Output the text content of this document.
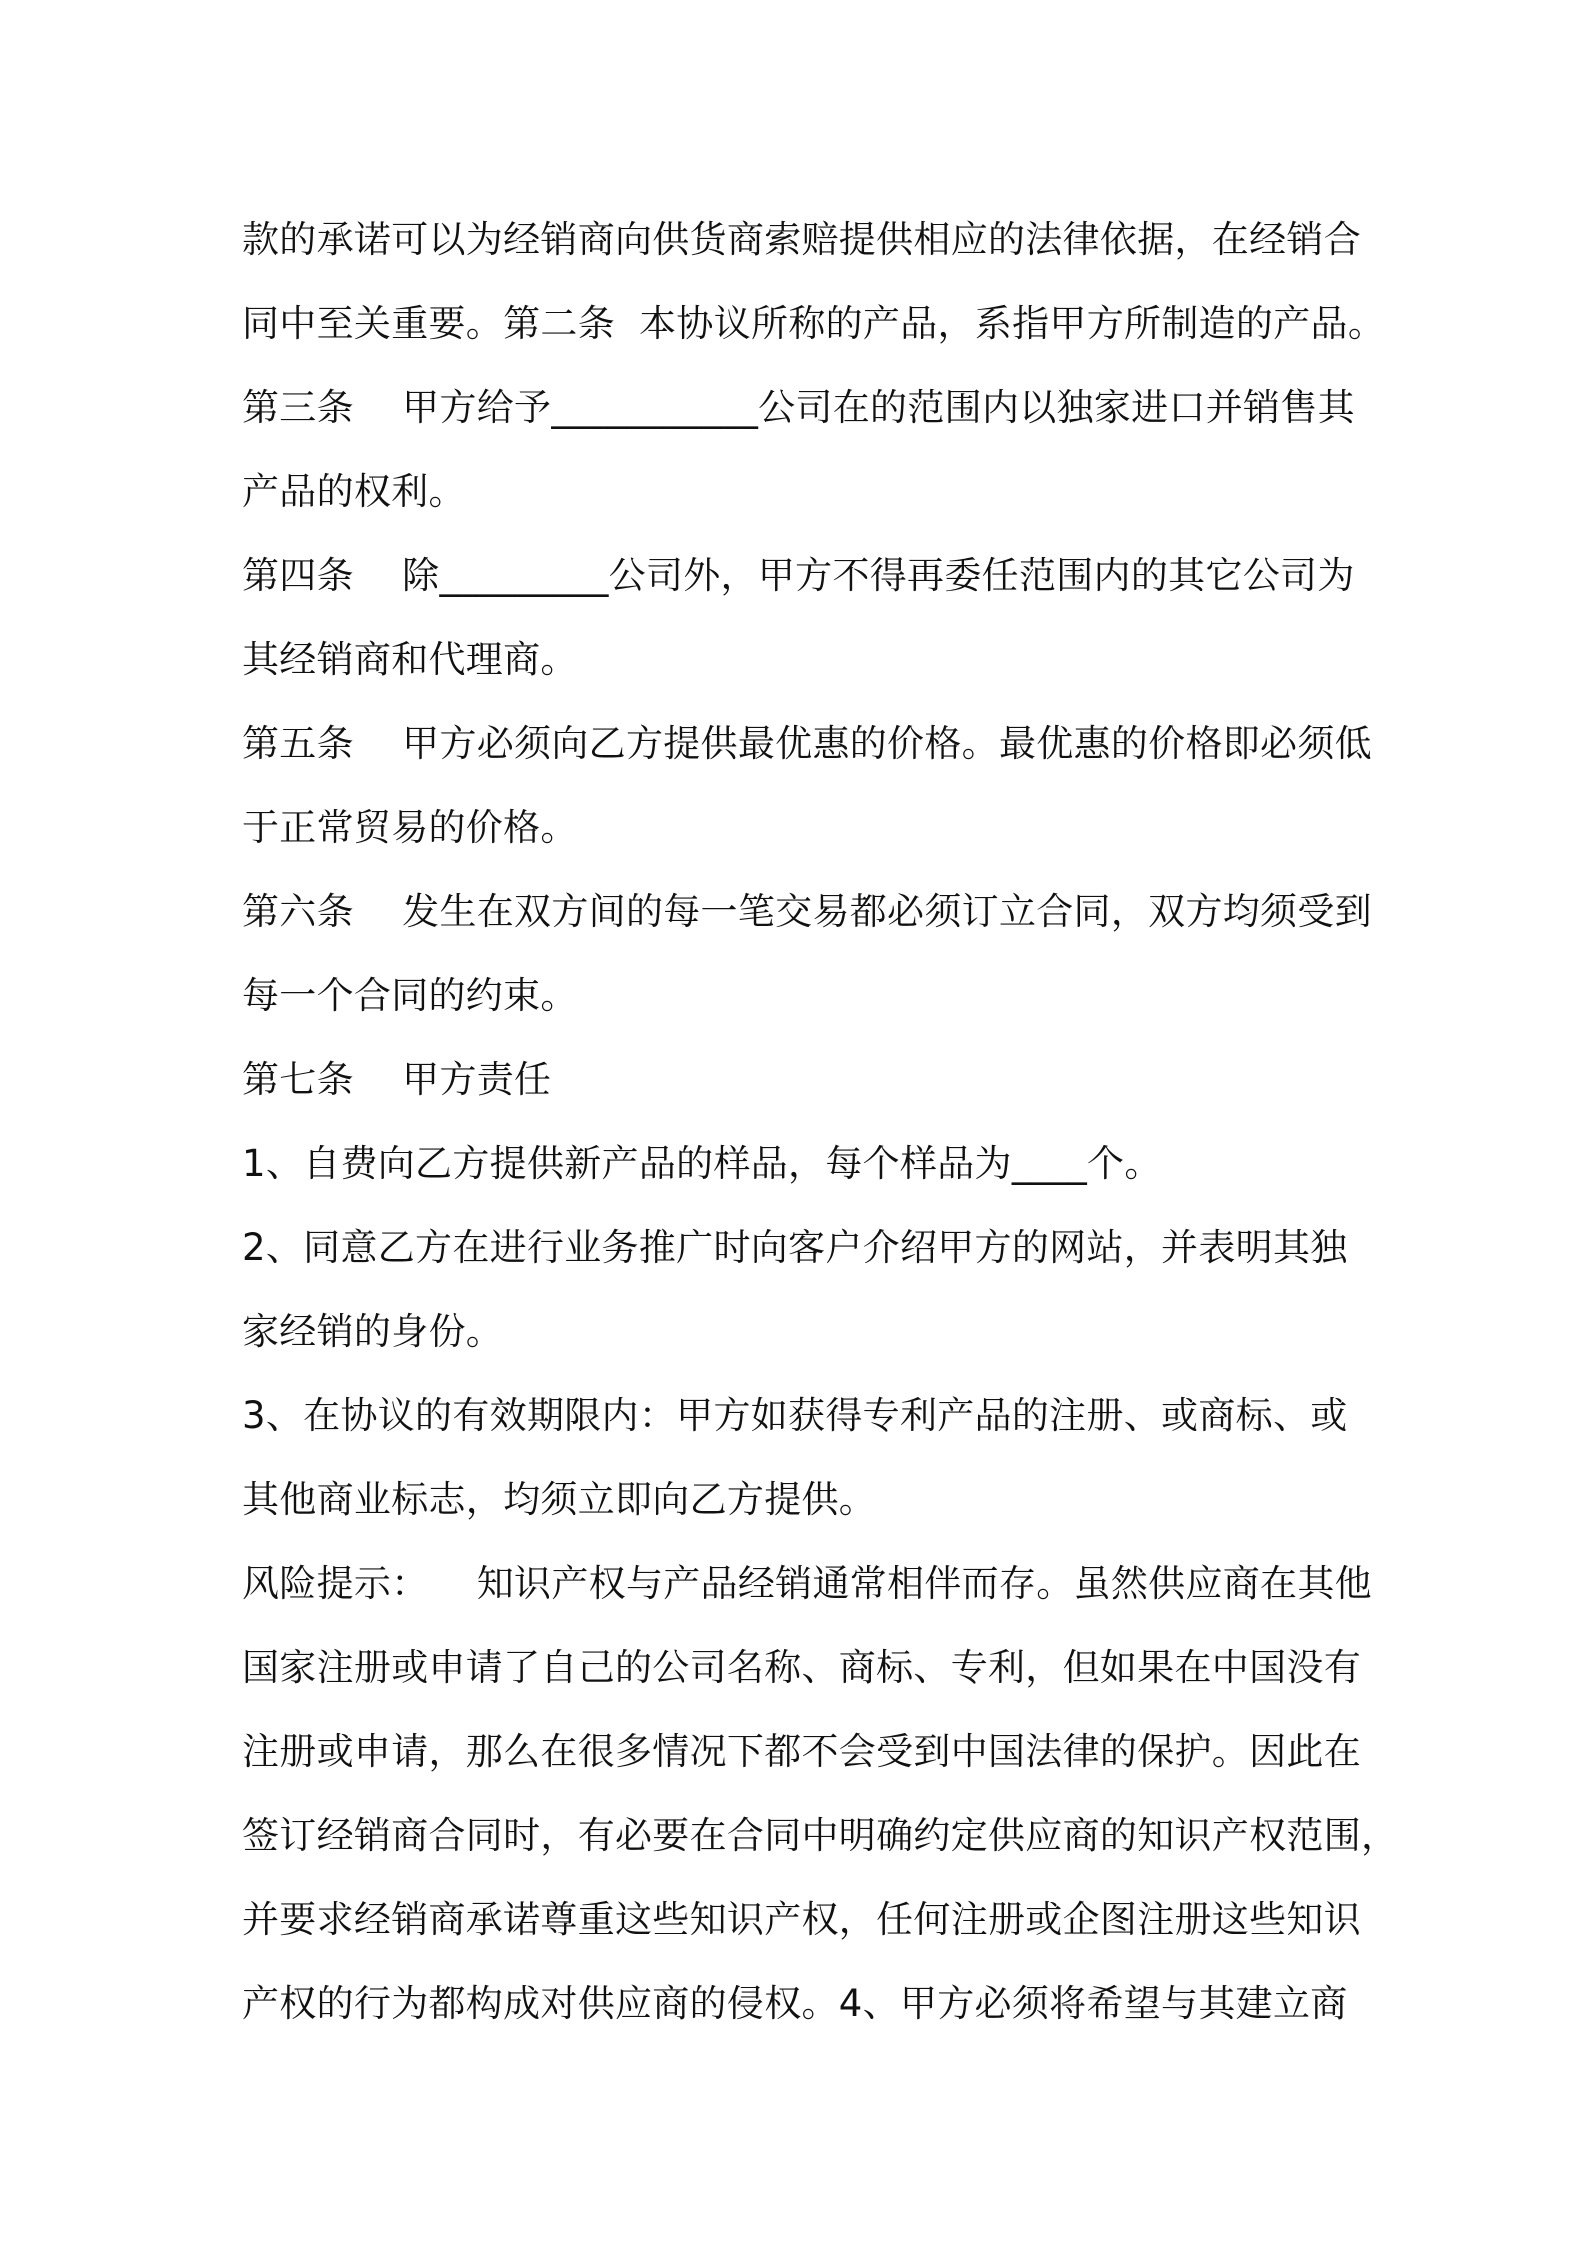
款的承诺可以为经销商向供货商索赔提供相应的法律依据，在经销合
同中至关重要。第二条  本协议所称的产品，系指甲方所制造的产品。
第三条    甲方给予___________公司在的范围内以独家进口并销售其
产品的权利。
第四条    除_________公司外，甲方不得再委任范围内的其它公司为
其经销商和代理商。
第五条    甲方必须向乙方提供最优惠的价格。最优惠的价格即必须低
于正常贸易的价格。
第六条    发生在双方间的每一笔交易都必须订立合同，双方均须受到
每一个合同的约束。
第七条    甲方责任
1、自费向乙方提供新产品的样品，每个样品为____个。
2、同意乙方在进行业务推广时向客户介绍甲方的网站，并表明其独
家经销的身份。
3、在协议的有效期限内：甲方如获得专利产品的注册、或商标、或
其他商业标志，均须立即向乙方提供。
风险提示：    知识产权与产品经销通常相伴而存。虽然供应商在其他
国家注册或申请了自己的公司名称、商标、专利，但如果在中国没有
注册或申请，那么在很多情况下都不会受到中国法律的保护。因此在
签订经销商合同时，有必要在合同中明确约定供应商的知识产权范围，
并要求经销商承诺尊重这些知识产权，任何注册或企图注册这些知识
产权的行为都构成对供应商的侵权。4、甲方必须将希望与其建立商
